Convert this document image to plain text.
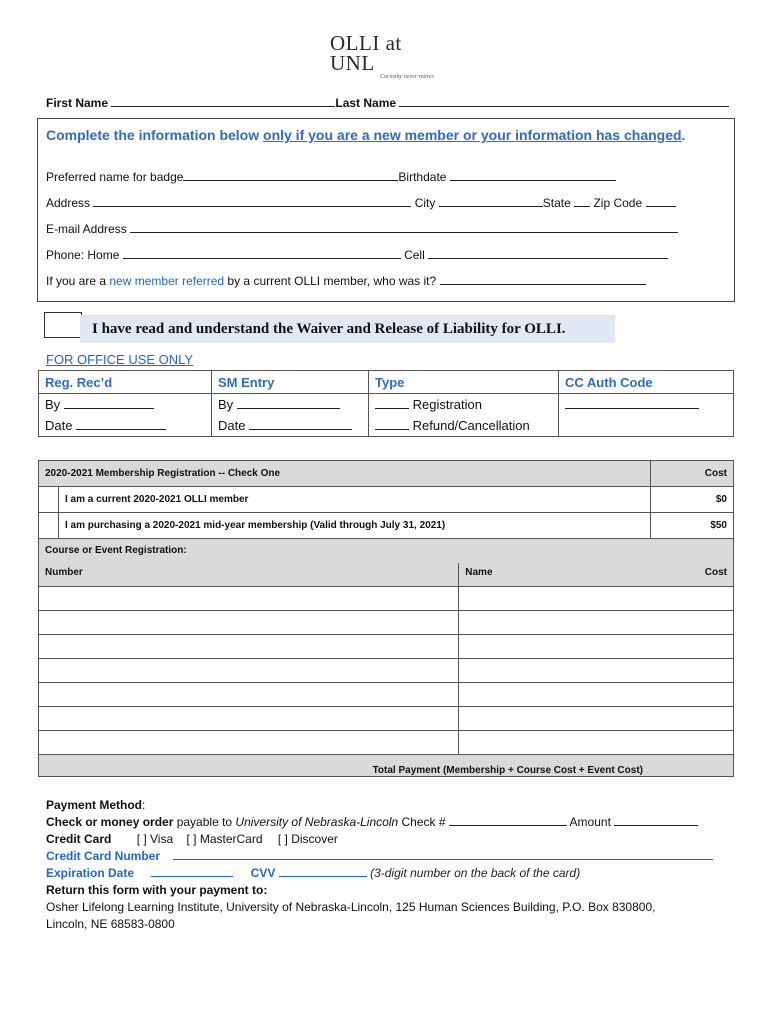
OLLI at UNL
Curiosity never retires
First Name	Last Name
Complete the information below only if you are a new member or your information has changed.
Preferred name for badge	Birthdate
Address	City	State Zip Code
E-mail Address
Phone: Home	Cell
If you are a new member referred by a current OLLI member, who was it?
I have read and understand the Waiver and Release of Liability for OLLI.
FOR OFFICE USE ONLY
Reg. Rec’d	SM Entry	Type	CC Auth Code
By	By	Registration	
Date	Date	Refund/Cancellation	
2020-2021 Membership Registration -- Check One			Cost
	I am a current 2020-2021 OLLI member		$0
	I am purchasing a 2020-2021 mid-year membership (Valid through July 31, 2021)		$50
Course or Event Registration:			
Number		Name	Cost

Total Payment (Membership + Course Cost + Event Cost)			
Payment Method:
Check or money order payable to University of Nebraska-Lincoln Check #	Amount
Credit Card [ ] Visa [ ] MasterCard [ ] Discover
Credit Card Number
Expiration Date	CVV	(3-digit number on the back of the card)
Return this form with your payment to:
Osher Lifelong Learning Institute, University of Nebraska-Lincoln, 125 Human Sciences Building, P.O. Box 830800,
Lincoln, NE 68583-0800
